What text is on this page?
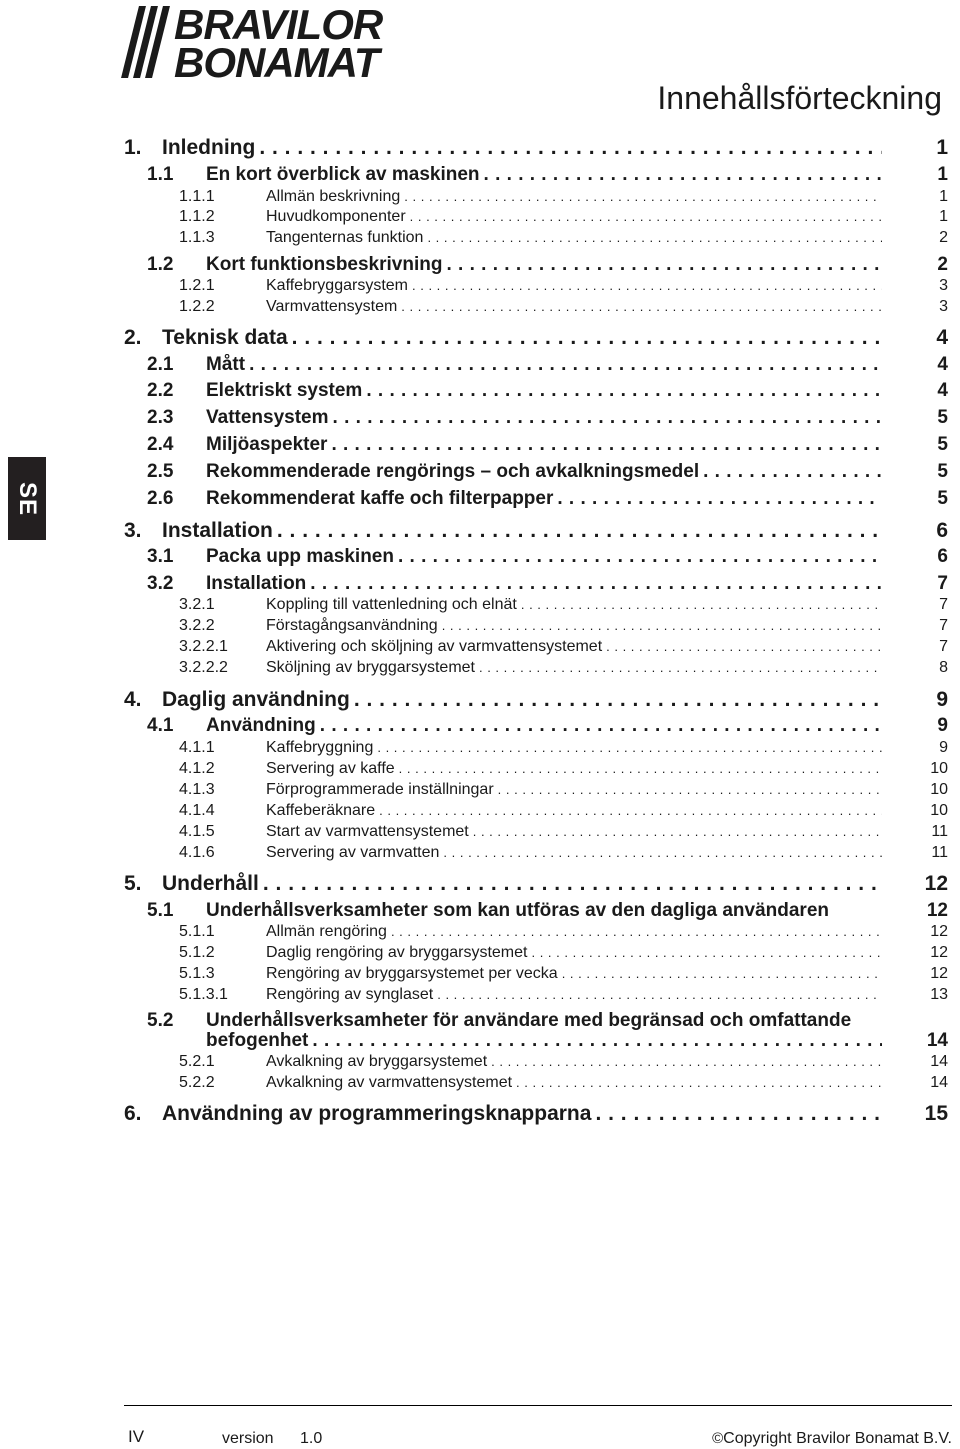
BRAVILOR
BONAMAT
Innehållsförteckning
SE
1. Inledning . . .	1
1.1	En kort överblick av maskinen . . .	1
1.1.1	Allmän beskrivning . . .	1
1.1.2	Huvudkomponenter . . .	1
1.1.3	Tangenternas funktion . . .	2
1.2	Kort funktionsbeskrivning . . .	2
1.2.1	Kaffebryggarsystem . . .	3
1.2.2	Varmvattensystem . . .	3
2. Teknisk data . . .	4
2.1	Mått . . .	4
2.2	Elektriskt system . . .	4
2.3	Vattensystem . . .	5
2.4	Miljöaspekter . . .	5
2.5	Rekommenderade rengörings – och avkalkningsmedel . . .	5
2.6	Rekommenderat kaffe och filterpapper . . .	5
3. Installation . . .	6
3.1	Packa upp maskinen . . .	6
3.2	Installation . . .	7
3.2.1	Koppling till vattenledning och elnät . . .	7
3.2.2	Förstagångsanvändning . . .	7
3.2.2.1	Aktivering och sköljning av varmvattensystemet . . .	7
3.2.2.2	Sköljning av bryggarsystemet . . .	8
4. Daglig användning . . .	9
4.1	Användning . . .	9
4.1.1	Kaffebryggning . . .	9
4.1.2	Servering av kaffe . . .	10
4.1.3	Förprogrammerade inställningar . . .	10
4.1.4	Kaffeberäknare . . .	10
4.1.5	Start av varmvattensystemet . . .	11
4.1.6	Servering av varmvatten . . .	11
5. Underhåll . . .	12
5.1	Underhållsverksamheter som kan utföras av den dagliga användaren	12
5.1.1	Allmän rengöring . . .	12
5.1.2	Daglig rengöring av bryggarsystemet . . .	12
5.1.3	Rengöring av bryggarsystemet per vecka . . .	12
5.1.3.1	Rengöring av synglaset . . .	13
5.2	Underhållsverksamheter för användare med begränsad och omfattande
befogenhet . . .	14
5.2.1	Avkalkning av bryggarsystemet . . .	14
5.2.2	Avkalkning av varmvattensystemet . . .	14
6. Användning av programmeringsknapparna . . .	15
IV	version 1.0	©Copyright Bravilor Bonamat B.V.
